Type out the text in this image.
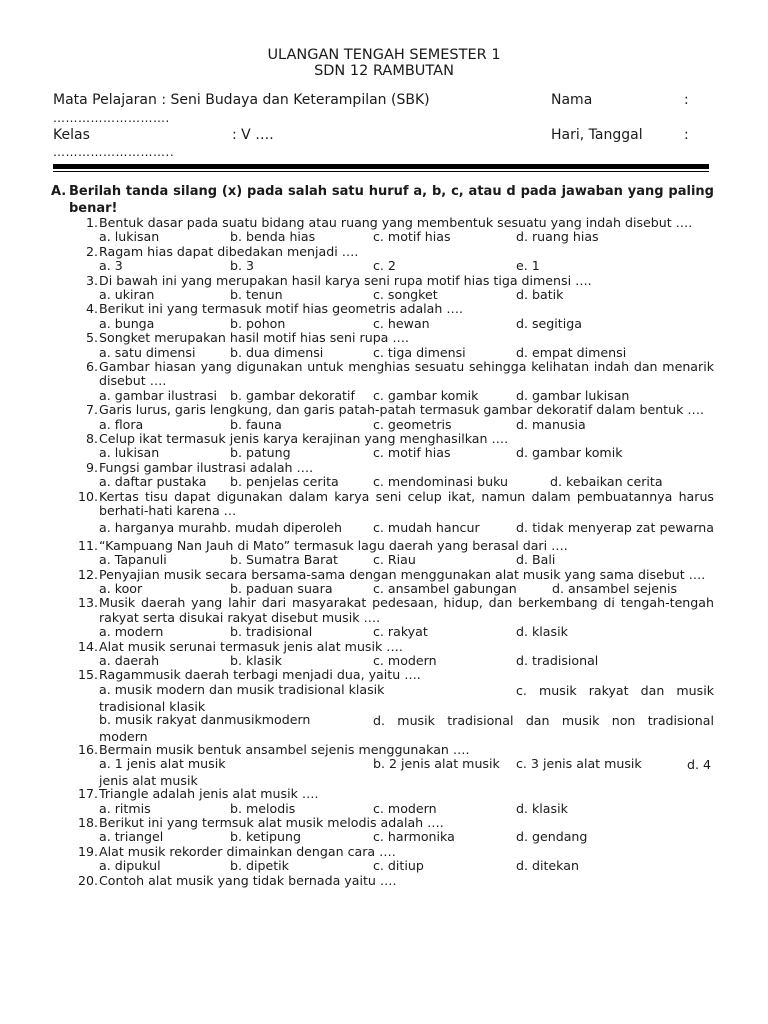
ULANGAN TENGAH SEMESTER 1
SDN 12 RAMBUTAN
Mata Pelajaran : Seni Budaya dan Keterampilan (SBK)	Nama	:
……………………….
Kelas	: V ….	Hari, Tanggal	:
………………………..
A. Berilah tanda silang (x) pada salah satu huruf a, b, c, atau d pada jawaban yang paling benar!
1. Bentuk dasar pada suatu bidang atau ruang yang membentuk sesuatu yang indah disebut ….
a. lukisan	b. benda hias	c. motif hias	d. ruang hias
2. Ragam hias dapat dibedakan menjadi ….
a. 3	b. 3	c. 2	e. 1
3. Di bawah ini yang merupakan hasil karya seni rupa motif hias tiga dimensi ….
a. ukiran	b. tenun	c. songket	d. batik
4. Berikut ini yang termasuk motif hias geometris adalah ….
a. bunga	b. pohon	c. hewan	d. segitiga
5. Songket merupakan hasil motif hias seni rupa ….
a. satu dimensi	b. dua dimensi	c. tiga dimensi	d. empat dimensi
6. Gambar hiasan yang digunakan untuk menghias sesuatu sehingga kelihatan indah dan menarik disebut ….
a. gambar ilustrasi b. gambar dekoratif c. gambar komik	d. gambar lukisan
7. Garis lurus, garis lengkung, dan garis patah-patah termasuk gambar dekoratif dalam bentuk ….
a. flora	b. fauna	c. geometris	d. manusia
8. Celup ikat termasuk jenis karya kerajinan yang menghasilkan ….
a. lukisan	b. patung	c. motif hias	d. gambar komik
9. Fungsi gambar ilustrasi adalah ….
a. daftar pustaka b. penjelas cerita	c. mendominasi buku	d. kebaikan cerita
10. Kertas tisu dapat digunakan dalam karya seni celup ikat, namun dalam pembuatannya harus berhati-hati karena …
a. harganya murah b. mudah diperoleh c. mudah hancur	d. tidak menyerap zat pewarna
11. “Kampuang Nan Jauh di Mato” termasuk lagu daerah yang berasal dari ….
a. Tapanuli	b. Sumatra Barat	c. Riau	d. Bali
12. Penyajian musik secara bersama-sama dengan menggunakan alat musik yang sama disebut ….
a. koor	b. paduan suara	c. ansambel gabungan	d. ansambel sejenis
13. Musik daerah yang lahir dari masyarakat pedesaan, hidup, dan berkembang di tengah-tengah rakyat serta disukai rakyat disebut musik ….
a. modern	b. tradisional	c. rakyat	d. klasik
14. Alat musik serunai termasuk jenis alat musik ….
a. daerah	b. klasik	c. modern	d. tradisional
15. Ragammusik daerah terbagi menjadi dua, yaitu ….
a. musik modern dan musik tradisional klasik	c. musik rakyat dan musik tradisional klasik
b. musik rakyat danmusikmodern	d. musik tradisional dan musik non tradisional modern
16. Bermain musik bentuk ansambel sejenis menggunakan ….
a. 1 jenis alat musik	b. 2 jenis alat musik c. 3 jenis alat musik	d. 4 jenis alat musik
17. Triangle adalah jenis alat musik ….
a. ritmis	b. melodis	c. modern	d. klasik
18. Berikut ini yang termsuk alat musik melodis adalah ….
a. triangel	b. ketipung	c. harmonika	d. gendang
19. Alat musik rekorder dimainkan dengan cara ….
a. dipukul	b. dipetik	c. ditiup	d. ditekan
20. Contoh alat musik yang tidak bernada yaitu ….
